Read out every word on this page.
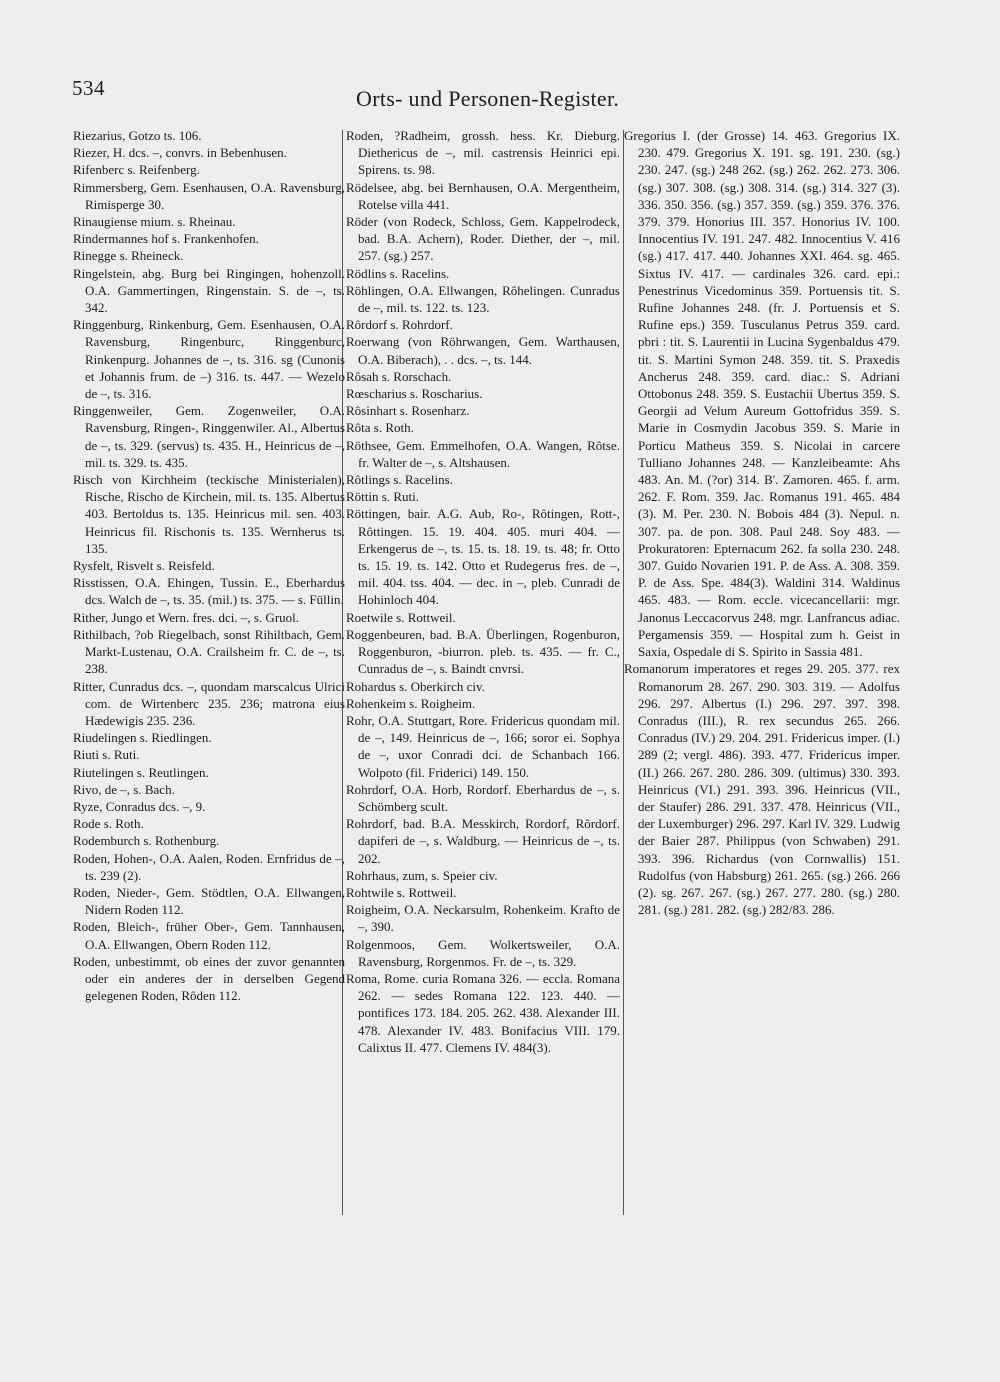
534	Orts- und Personen-Register.

Riezarius, Gotzo ts. 106.

Riezer, H. dcs. –, convrs. in Bebenhusen.

Rifenberc s. Reifenberg.

Rimmersberg, Gem. Esenhausen, O.A. Ravensburg, Rimisperge 30.

Rinaugiense mium. s. Rheinau.

Rindermannes hof s. Frankenhofen.

Rinegge s. Rheineck.

Ringelstein, abg. Burg bei Ringingen, hohenzoll. O.A. Gammertingen, Ringenstain. S. de –, ts. 342.

Ringgenburg, Rinkenburg, Gem. Esenhausen, O.A. Ravensburg, Ringenburc, Ringgenburc, Rinkenpurg. Johannes de –, ts. 316. sg (Cunonis et Johannis frum. de –) 316. ts. 447. — Wezelo de –, ts. 316.

Ringgenweiler, Gem. Zogenweiler, O.A. Ravensburg, Ringen-, Ringgenwiler. Al., Albertus de –, ts. 329. (servus) ts. 435. H., Heinricus de –, mil. ts. 329. ts. 435.

Risch von Kirchheim (teckische Ministerialen), Rische, Rischo de Kirchein, mil. ts. 135. Albertus 403. Bertoldus ts. 135. Heinricus mil. sen. 403. Heinricus fil. Rischonis ts. 135. Wernherus ts. 135.

Rysfelt, Risvelt s. Reisfeld.

Risstissen, O.A. Ehingen, Tussin. E., Eberhardus dcs. Walch de –, ts. 35. (mil.) ts. 375. — s. Füllin.

Rither, Jungo et Wern. fres. dci. –, s. Gruol.

Rithilbach, ?ob Riegelbach, sonst Rihiltbach, Gem. Markt-Lustenau, O.A. Crailsheim fr. C. de –, ts. 238.

Ritter, Cunradus dcs. –, quondam marscalcus Ulrici com. de Wirtenberc 235. 236; matrona eius Hædewigis 235. 236.

Riudelingen s. Riedlingen.

Riuti s. Ruti.

Riutelingen s. Reutlingen.

Rivo, de –, s. Bach.

Ryze, Conradus dcs. –, 9.

Rode s. Roth.

Rodemburch s. Rothenburg.

Roden, Hohen-, O.A. Aalen, Roden. Ernfridus de –, ts. 239 (2).

Roden, Nieder-, Gem. Stödtlen, O.A. Ellwangen, Nidern Roden 112.

Roden, Bleich-, früher Ober-, Gem. Tannhausen, O.A. Ellwangen, Obern Roden 112.

Roden, unbestimmt, ob eines der zuvor genannten oder ein anderes der in derselben Gegend gelegenen Roden, Rôden 112.

Roden, ?Radheim, grossh. hess. Kr. Dieburg. Diethericus de –, mil. castrensis Heinrici epi. Spirens. ts. 98.

Rödelsee, abg. bei Bernhausen, O.A. Mergentheim, Rotelse villa 441.

Röder (von Rodeck, Schloss, Gem. Kappelrodeck, bad. B.A. Achern), Roder. Diether, der –, mil. 257. (sg.) 257.

Rödlins s. Racelins.

Röhlingen, O.A. Ellwangen, Rôhelingen. Cunradus de –, mil. ts. 122. ts. 123.

Rôrdorf s. Rohrdorf.

Roerwang (von Röhrwangen, Gem. Warthausen, O.A. Biberach), . . dcs. –, ts. 144.

Rôsah s. Rorschach.

Rœscharius s. Roscharius.

Rôsinhart s. Rosenharz.

Rôta s. Roth.

Röthsee, Gem. Emmelhofen, O.A. Wangen, Rôtse. fr. Walter de –, s. Altshausen.

Rôtlings s. Racelins.

Röttin s. Ruti.

Röttingen, bair. A.G. Aub, Ro-, Rôtingen, Rott-, Rôttingen. 15. 19. 404. 405. muri 404. — Erkengerus de –, ts. 15. ts. 18. 19. ts. 48; fr. Otto ts. 15. 19. ts. 142. Otto et Rudegerus fres. de –, mil. 404. tss. 404. — dec. in –, pleb. Cunradi de Hohinloch 404.

Roetwile s. Rottweil.

Roggenbeuren, bad. B.A. Überlingen, Rogenburon, Roggenburon, -biurron. pleb. ts. 435. — fr. C., Cunradus de –, s. Baindt cnvrsi.

Rohardus s. Oberkirch civ.

Rohenkeim s. Roigheim.

Rohr, O.A. Stuttgart, Rore. Fridericus quondam mil. de –, 149. Heinricus de –, 166; soror ei. Sophya de –, uxor Conradi dci. de Schanbach 166. Wolpoto (fil. Friderici) 149. 150.

Rohrdorf, O.A. Horb, Rordorf. Eberhardus de –, s. Schömberg scult.

Rohrdorf, bad. B.A. Messkirch, Rordorf, Rôrdorf. dapiferi de –, s. Waldburg. — Heinricus de –, ts. 202.

Rohrhaus, zum, s. Speier civ.

Rohtwile s. Rottweil.

Roigheim, O.A. Neckarsulm, Rohenkeim. Krafto de –, 390.

Rolgenmoos, Gem. Wolkertsweiler, O.A. Ravensburg, Rorgenmos. Fr. de –, ts. 329.

Roma, Rome. curia Romana 326. — eccla. Romana 262. — sedes Romana 122. 123. 440. — pontifices 173. 184. 205. 262. 438. Alexander III. 478. Alexander IV. 483. Bonifacius VIII. 179. Calixtus II. 477. Clemens IV. 484(3).

Gregorius I. (der Grosse) 14. 463. Gregorius IX. 230. 479. Gregorius X. 191. sg. 191. 230. (sg.) 230. 247. (sg.) 248 262. (sg.) 262. 262. 273. 306. (sg.) 307. 308. (sg.) 308. 314. (sg.) 314. 327 (3). 336. 350. 356. (sg.) 357. 359. (sg.) 359. 376. 376. 379. 379. Honorius III. 357. Honorius IV. 100. Innocentius IV. 191. 247. 482. Innocentius V. 416 (sg.) 417. 417. 440. Johannes XXI. 464. sg. 465. Sixtus IV. 417. — cardinales 326. card. epi.: Penestrinus Vicedominus 359. Portuensis tit. S. Rufine Johannes 248. (fr. J. Portuensis et S. Rufine eps.) 359. Tusculanus Petrus 359. card. pbri : tit. S. Laurentii in Lucina Sygenbaldus 479. tit. S. Martini Symon 248. 359. tit. S. Praxedis Ancherus 248. 359. card. diac.: S. Adriani Ottobonus 248. 359. S. Eustachii Ubertus 359. S. Georgii ad Velum Aureum Gottofridus 359. S. Marie in Cosmydin Jacobus 359. S. Marie in Porticu Matheus 359. S. Nicolai in carcere Tulliano Johannes 248. — Kanzleibeamte: Ahs 483. An. M. (?or) 314. B'. Zamoren. 465. f. arm. 262. F. Rom. 359. Jac. Romanus 191. 465. 484 (3). M. Per. 230. N. Bobois 484 (3). Nepul. n. 307. pa. de pon. 308. Paul 248. Soy 483. — Prokuratoren: Epternacum 262. fa solla 230. 248. 307. Guido Novarien 191. P. de Ass. A. 308. 359. P. de Ass. Spe. 484(3). Waldini 314. Waldinus 465. 483. — Rom. eccle. vicecancellarii: mgr. Janonus Leccacorvus 248. mgr. Lanfrancus adiac. Pergamensis 359. — Hospital zum h. Geist in Saxia, Ospedale di S. Spirito in Sassia 481.

Romanorum imperatores et reges 29. 205. 377. rex Romanorum 28. 267. 290. 303. 319. — Adolfus 296. 297. Albertus (I.) 296. 297. 397. 398. Conradus (III.), R. rex secundus 265. 266. Conradus (IV.) 29. 204. 291. Fridericus imper. (I.) 289 (2; vergl. 486). 393. 477. Fridericus imper. (II.) 266. 267. 280. 286. 309. (ultimus) 330. 393. Heinricus (VI.) 291. 393. 396. Heinricus (VII., der Staufer) 286. 291. 337. 478. Heinricus (VII., der Luxemburger) 296. 297. Karl IV. 329. Ludwig der Baier 287. Philippus (von Schwaben) 291. 393. 396. Richardus (von Cornwallis) 151. Rudolfus (von Habsburg) 261. 265. (sg.) 266. 266 (2). sg. 267. 267. (sg.) 267. 277. 280. (sg.) 280. 281. (sg.) 281. 282. (sg.) 282/83. 286.
